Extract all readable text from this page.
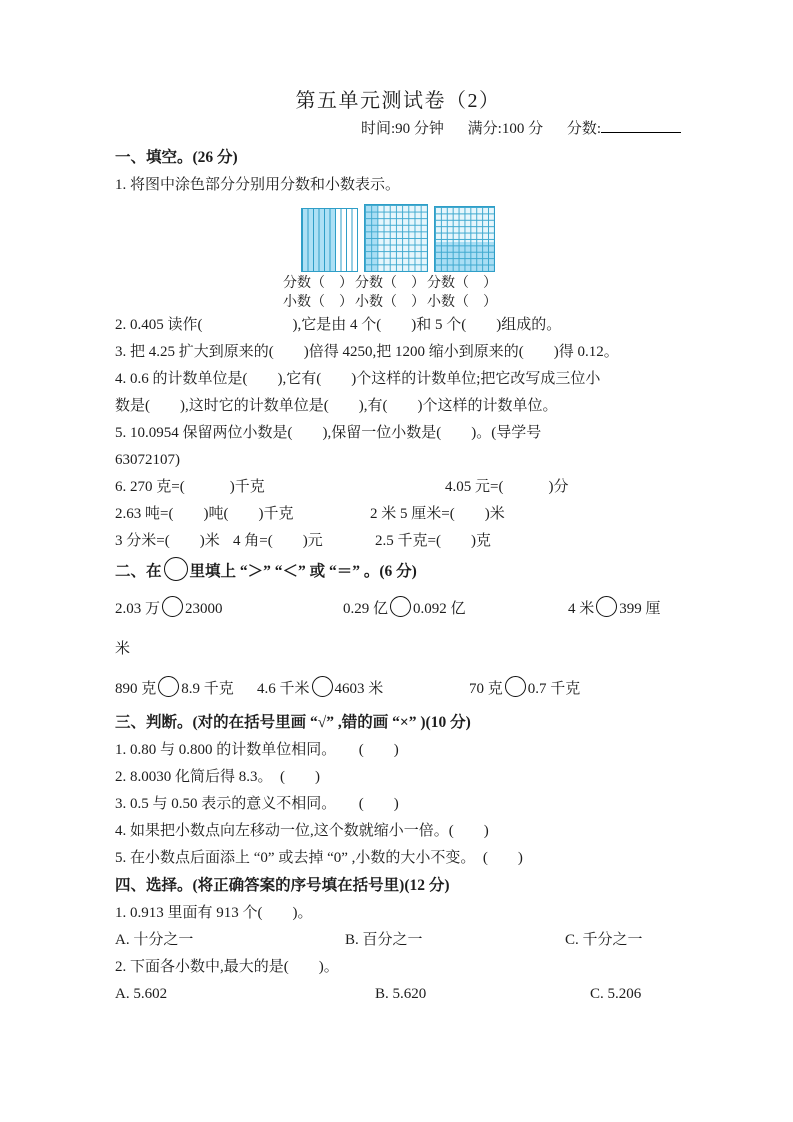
第五单元测试卷（2）
时间:90 分钟 满分:100 分 分数:
一、填空。(26 分)

1. 将图中涂色部分分别用分数和小数表示。

分数（　） 分数（　） 分数（　）
小数（　） 小数（　） 小数（　）

2. 0.405 读作(　　　　　　),它是由 4 个(　　)和 5 个(　　)组成的。

3. 把 4.25 扩大到原来的(　　)倍得 4250,把 1200 缩小到原来的(　　)得 0.12。

4. 0.6 的计数单位是(　　),它有(　　)个这样的计数单位;把它改写成三位小

数是(　　),这时它的计数单位是(　　),有(　　)个这样的计数单位。

5. 10.0954 保留两位小数是(　　),保留一位小数是(　　)。(导学号

63072107)

6. 270 克=(　　　)千克	4.05 元=(　　　)分
2.63 吨=(　　)吨(　　)千克	2 米 5 厘米=(　　)米
3 分米=(　　)米 4 角=(　　)元	2.5 千克=(　　)克
二、在 里填上 “＞” “＜” 或 “＝” 。(6 分)
2.03 万 23000	0.29 亿 0.092 亿	4 米 399 厘
米
890 克 8.9 千克	4.6 千米 4603 米	70 克 0.7 千克
三、判断。(对的在括号里画 “√” ,错的画 “×” )(10 分)

1. 0.80 与 0.800 的计数单位相同。　　(　　)

2. 8.0030 化简后得 8.3。　(　　)

3. 0.5 与 0.50 表示的意义不相同。　　(　　)

4. 如果把小数点向左移动一位,这个数就缩小一倍。(　　)

5. 在小数点后面添上 “0” 或去掉 “0” ,小数的大小不变。　(　　)

四、选择。(将正确答案的序号填在括号里)(12 分)

1. 0.913 里面有 913 个(　　)。

A. 十分之一	B. 百分之一	C. 千分之一

2. 下面各小数中,最大的是(　　)。

A. 5.602	B. 5.620	C. 5.206
